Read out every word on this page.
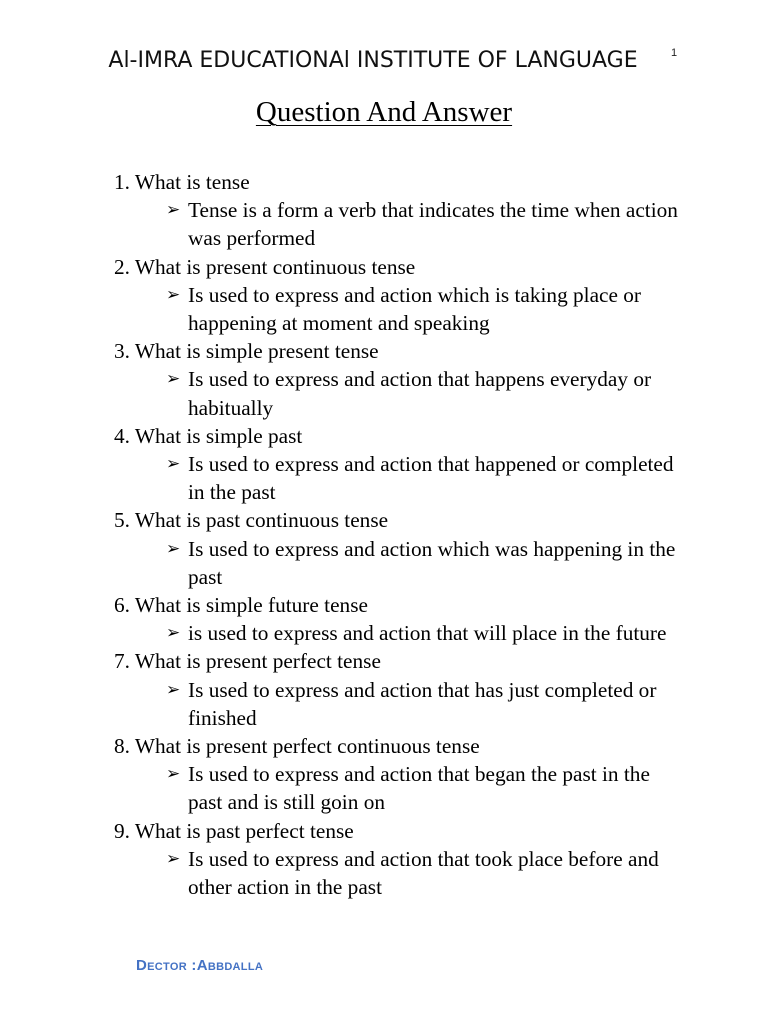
Al-IMRA EDUCATIONAl INSTITUTE OF LANGUAGE	1
Question And Answer
1. What is tense
➢ Tense is a form a verb that indicates the time when action was performed
2. What is present continuous tense
➢ Is used to express and action which is taking place or happening at moment and speaking
3. What is simple present tense
➢ Is used to express and action that happens everyday or habitually
4. What is simple past
➢ Is used to express and action that happened or completed in the past
5. What is past continuous tense
➢ Is used to express and action which was happening in the past
6. What is simple future tense
➢ is used to express and action that will place in the future
7. What is present perfect tense
➢ Is used to express and action that has just completed or finished
8. What is present perfect continuous tense
➢ Is used to express and action that began the past in the past and is still goin on
9. What is past perfect tense
➢ Is used to express and action that took place before and other action in the past
Dector :Abbdalla
